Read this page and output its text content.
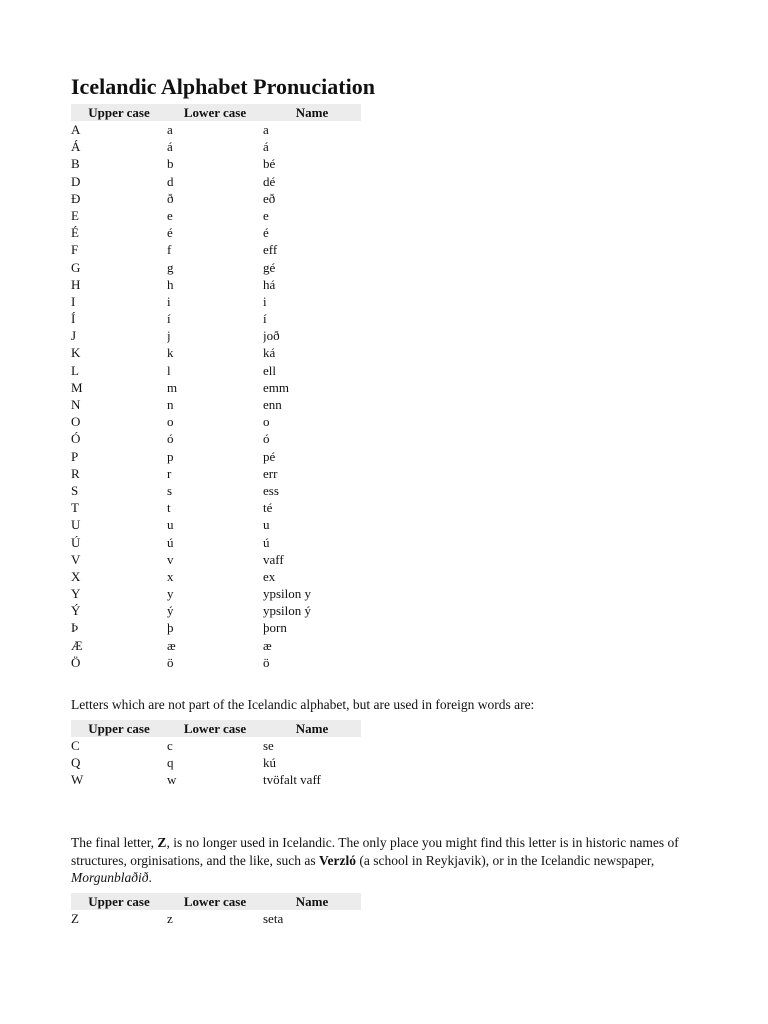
Icelandic Alphabet Pronuciation
Upper case	Lower case	Name
A	a	a
Á	á	á
B	b	bé
D	d	dé
Ð	ð	eð
E	e	e
É	é	é
F	f	eff
G	g	gé
H	h	há
I	i	i
Í	í	í
J	j	joð
K	k	ká
L	l	ell
M	m	emm
N	n	enn
O	o	o
Ó	ó	ó
P	p	pé
R	r	err
S	s	ess
T	t	té
U	u	u
Ú	ú	ú
V	v	vaff
X	x	ex
Y	y	ypsilon y
Ý	ý	ypsilon ý
Þ	þ	þorn
Æ	æ	æ
Ö	ö	ö

Letters which are not part of the Icelandic alphabet, but are used in foreign words are:

Upper case	Lower case	Name
C	c	se
Q	q	kú
W	w	tvöfalt vaff

The final letter, Z, is no longer used in Icelandic. The only place you might find this letter is in historic names of structures, orginisations, and the like, such as Verzló (a school in Reykjavik), or in the Icelandic newspaper, Morgunblaðið.

Upper case	Lower case	Name
Z	z	seta
